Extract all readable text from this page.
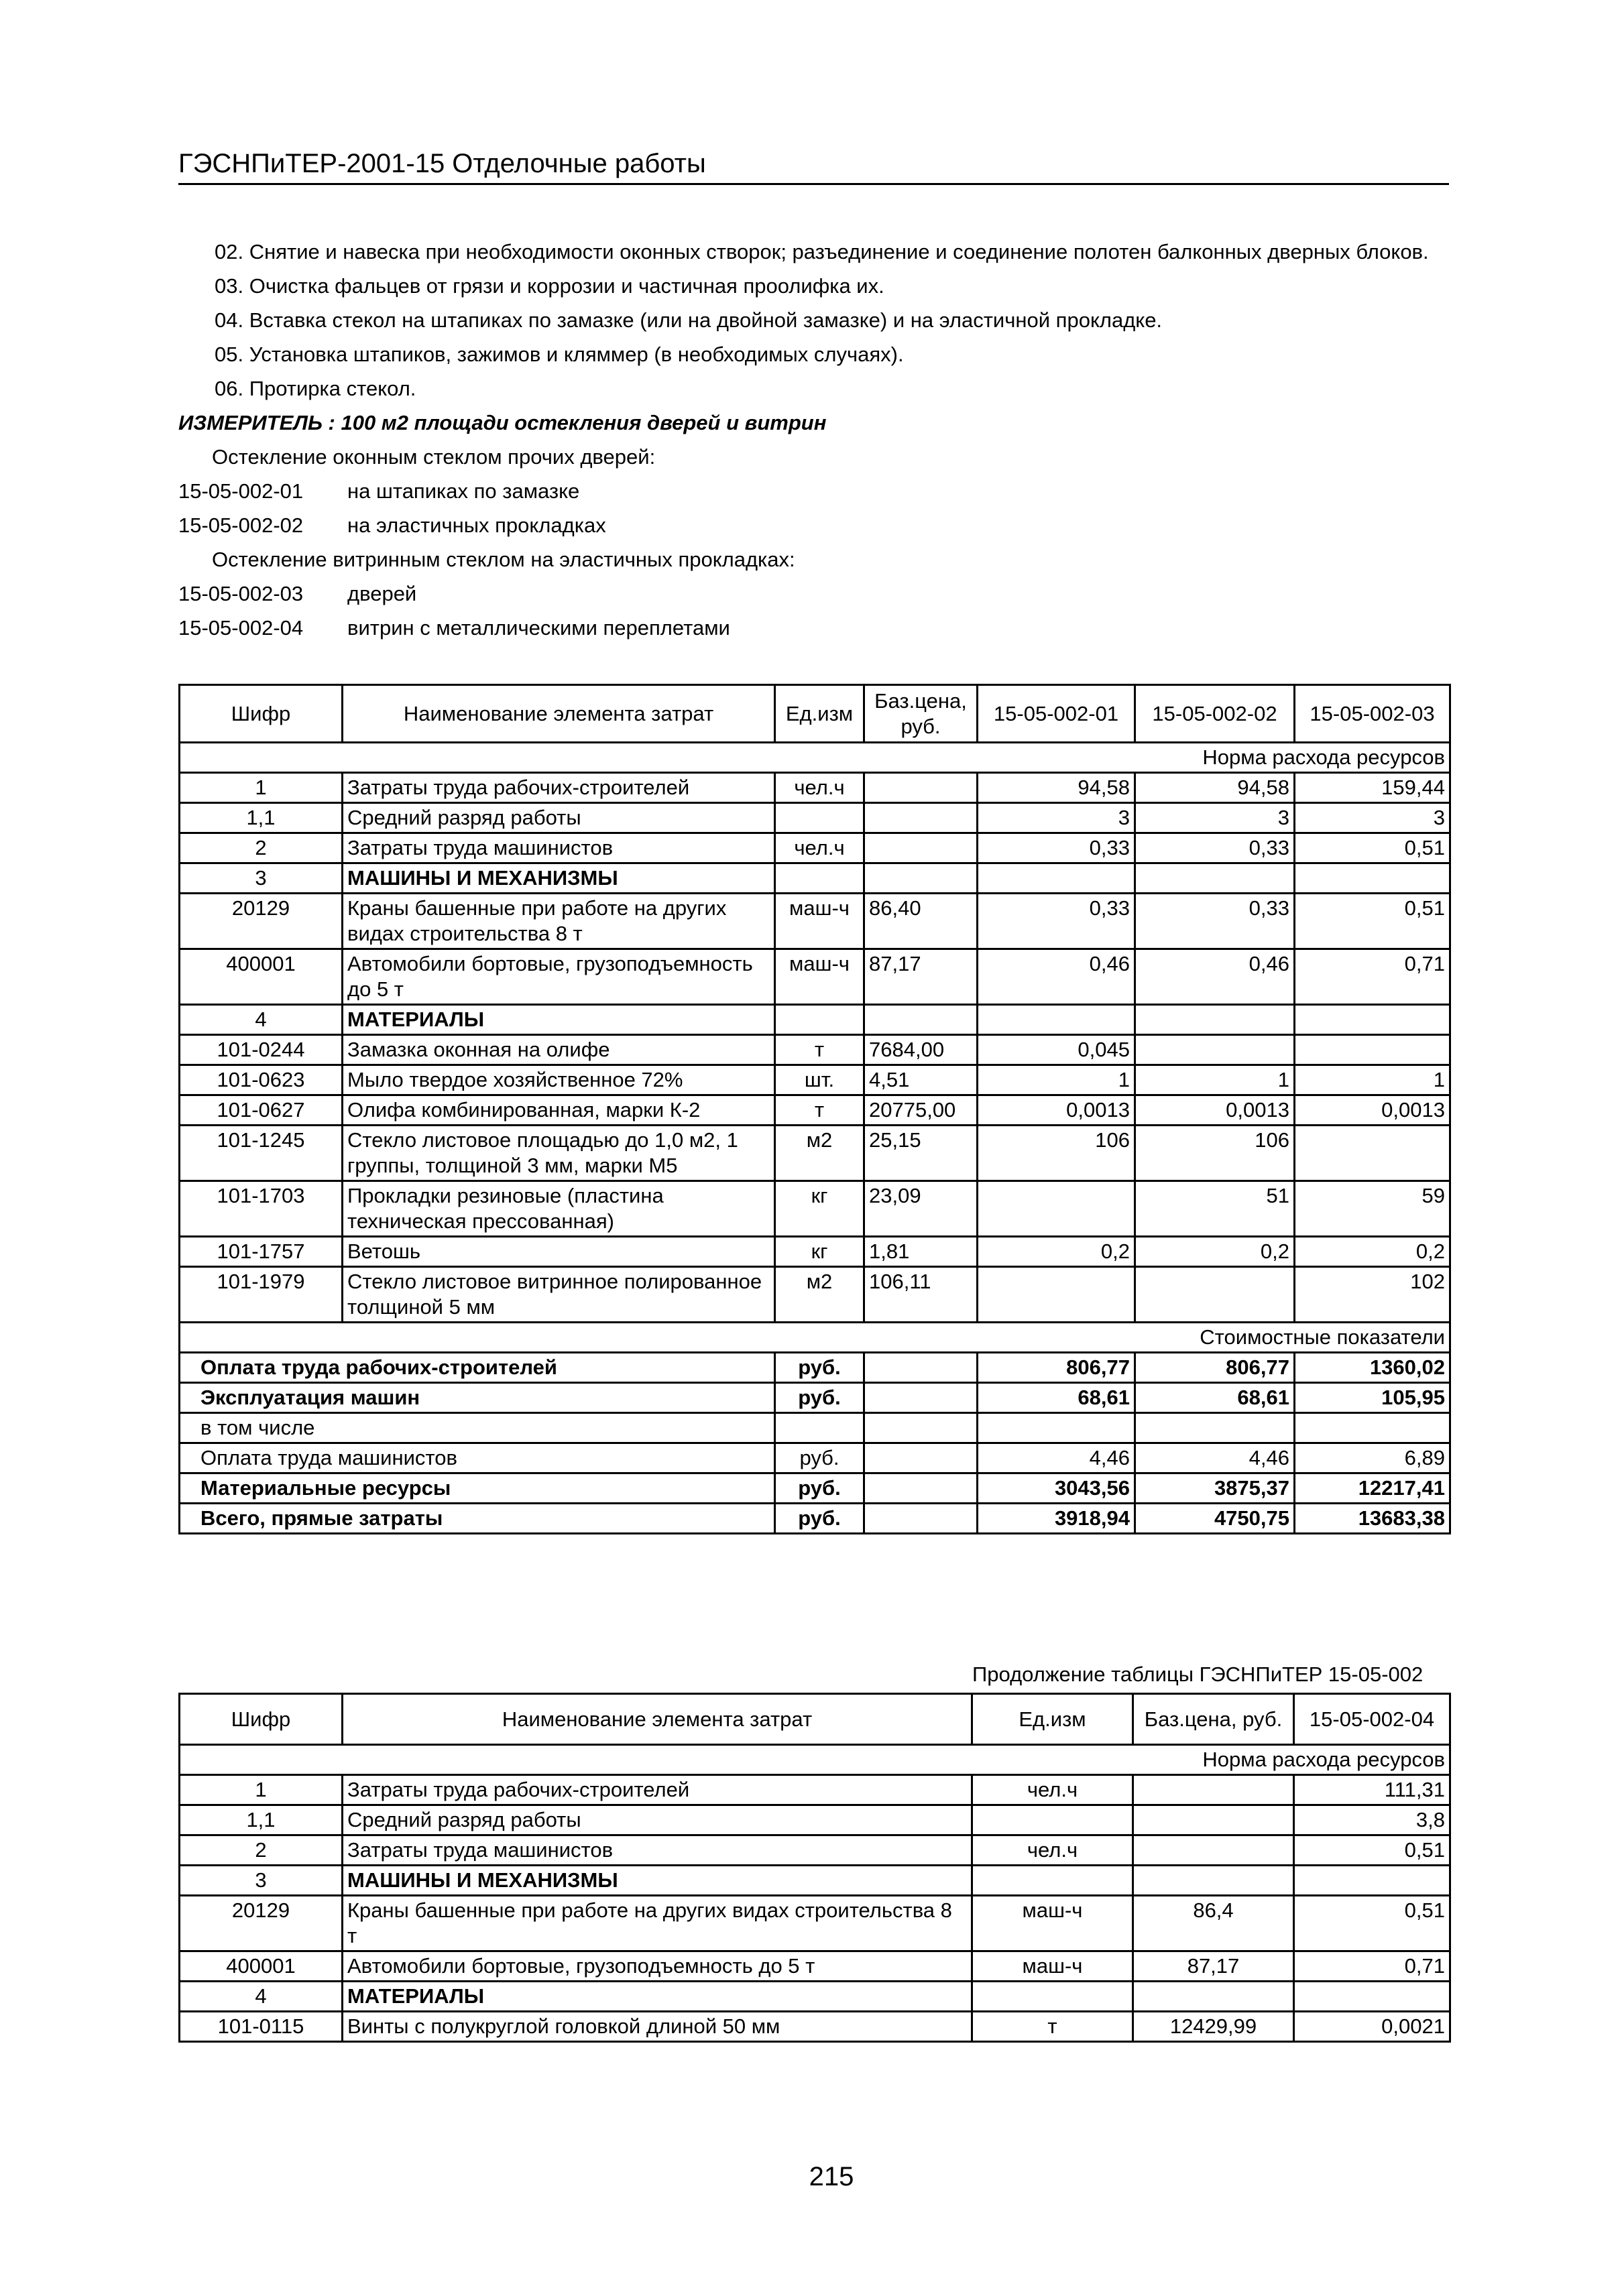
ГЭСНПиТЕР-2001-15 Отделочные работы
02. Снятие и навеска при необходимости оконных створок; разъединение и соединение полотен балконных дверных блоков.
03. Очистка фальцев от грязи и коррозии и частичная проолифка их.
04. Вставка стекол на штапиках по замазке (или на двойной замазке) и на эластичной прокладке.
05. Установка штапиков, зажимов и кляммер (в необходимых случаях).
06. Протирка стекол.
ИЗМЕРИТЕЛЬ : 100 м2 площади остекления дверей и витрин
Остекление оконным стеклом прочих дверей:
15-05-002-01 на штапиках по замазке
15-05-002-02 на эластичных прокладках
Остекление витринным стеклом на эластичных прокладках:
15-05-002-03 дверей
15-05-002-04 витрин с металлическими переплетами
Шифр	Наименование элемента затрат	Ед.изм	Баз.цена, руб.	15-05-002-01	15-05-002-02	15-05-002-03
Норма расхода ресурсов						
1	Затраты труда рабочих-строителей	чел.ч		94,58	94,58	159,44
1,1	Средний разряд работы			3	3	3
2	Затраты труда машинистов	чел.ч		0,33	0,33	0,51
3	МАШИНЫ И МЕХАНИЗМЫ					
20129	Краны башенные при работе на других видах строительства 8 т	маш-ч	86,40	0,33	0,33	0,51
400001	Автомобили бортовые, грузоподъемность до 5 т	маш-ч	87,17	0,46	0,46	0,71
4	МАТЕРИАЛЫ					
101-0244	Замазка оконная на олифе	т	7684,00	0,045		
101-0623	Мыло твердое хозяйственное 72%	шт.	4,51	1	1	1
101-0627	Олифа комбинированная, марки К-2	т	20775,00	0,0013	0,0013	0,0013
101-1245	Стекло листовое площадью до 1,0 м2, 1 группы, толщиной 3 мм, марки М5	м2	25,15	106	106	
101-1703	Прокладки резиновые (пластина техническая прессованная)	кг	23,09		51	59
101-1757	Ветошь	кг	1,81	0,2	0,2	0,2
101-1979	Стекло листовое витринное полированное толщиной 5 мм	м2	106,11			102
Стоимостные показатели						
Оплата труда рабочих-строителей		руб.		806,77	806,77	1360,02
Эксплуатация машин		руб.		68,61	68,61	105,95
в том числе						
Оплата труда машинистов		руб.		4,46	4,46	6,89
Материальные ресурсы		руб.		3043,56	3875,37	12217,41
Всего, прямые затраты		руб.		3918,94	4750,75	13683,38
Продолжение таблицы ГЭСНПиТЕР 15-05-002
Шифр	Наименование элемента затрат	Ед.изм	Баз.цена, руб.	15-05-002-04
Норма расхода ресурсов				
1	Затраты труда рабочих-строителей	чел.ч		111,31
1,1	Средний разряд работы			3,8
2	Затраты труда машинистов	чел.ч		0,51
3	МАШИНЫ И МЕХАНИЗМЫ			
20129	Краны башенные при работе на других видах строительства 8 т	маш-ч	86,4	0,51
400001	Автомобили бортовые, грузоподъемность до 5 т	маш-ч	87,17	0,71
4	МАТЕРИАЛЫ			
101-0115	Винты с полукруглой головкой длиной 50 мм	т	12429,99	0,0021
215
